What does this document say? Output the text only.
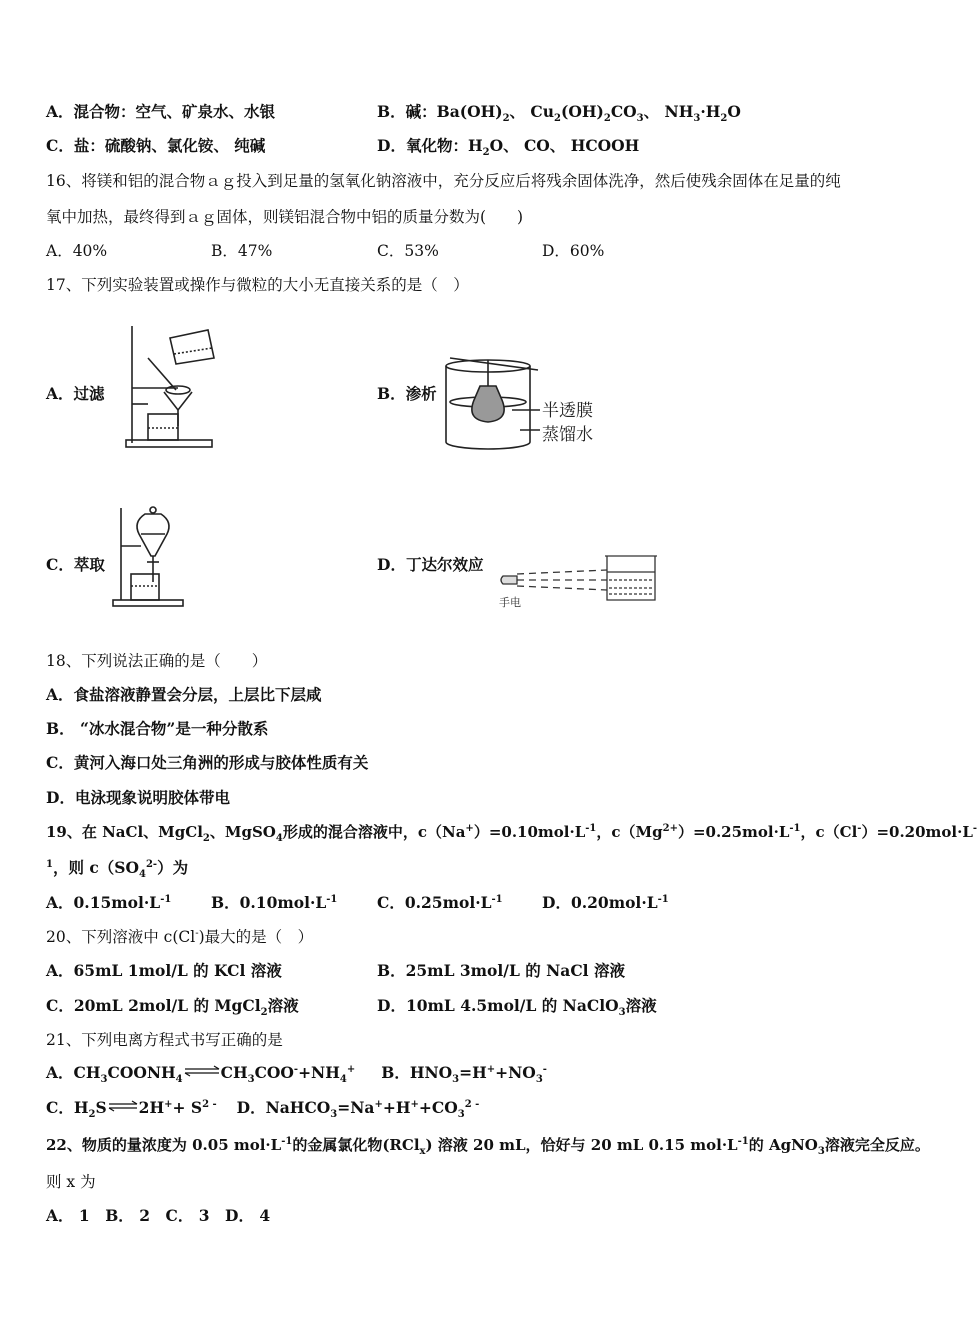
A．混合物：空气、矿泉水、水银	B．碱：$Ba(OH)_2$、 $Cu_2(OH)_2CO_3$、 $NH_3\cdot H_2O$
C．盐：硫酸钠、氯化铵、 纯碱	D．氧化物：$H_2O$、 CO、 HCOOH
16、将镁和铝的混合物ａｇ投入到足量的氢氧化钠溶液中，充分反应后将残余固体洗净，然后使残余固体在足量的纯
氧中加热，最终得到ａｇ固体，则镁铝混合物中铝的质量分数为(　　)
A．40%	B．47%	C．53%	D．60%
17、下列实验装置或操作与微粒的大小无直接关系的是（　）
A．过滤	B．渗析
C．萃取	D．丁达尔效应
半透膜
蒸馏水
手电
18、下列说法正确的是（　　）
A．食盐溶液静置会分层，上层比下层咸
B． “冰水混合物”是一种分散系
C．黄河入海口处三角洲的形成与胶体性质有关
D．电泳现象说明胶体带电
19、在 NaCl、MgCl$_2$、MgSO$_4$形成的混合溶液中，$c(Na^+)=0.10mol\cdot L^{-1}$，$c(Mg^{2+})=0.25mol\cdot L^{-1}$，c（Cl-）=0.20mol·L-
$^1$，则 $c(SO_4^{2-})$为
A．$0.15mol\cdot L^{-1}$	B．$0.10mol\cdot L^{-1}$	C．$0.25mol\cdot L^{-1}$	D．$0.20mol\cdot L^{-1}$
20、下列溶液中 c(Cl-)最大的是（　）
A．65mL 1mol/L 的 KCl 溶液	B．25mL 3mol/L 的 NaCl 溶液
C．20mL 2mol/L 的 MgCl$_2$溶液	D．10mL 4.5mol/L 的 NaClO$_3$溶液
21、下列电离方程式书写正确的是
A．$CH_3COONH_4\rightleftharpoons CH_3COO^-+NH_4^+$ B．$HNO_3=H^++NO_3^-$
C．$H_2S\rightleftharpoons 2H^++ S^{2 -}$ D．$NaHCO_3=Na^++H^++CO_3^{2 -}$
22、物质的量浓度为 0.05 $mol\cdot L^{-1}$的金属氯化物(RCl$_x$) 溶液 20 mL，恰好与 20 mL 0.15 $mol\cdot L^{-1}$的 AgNO$_3$溶液完全反应。
则 x 为
A． 1　B． 2　C． 3　D． 4
